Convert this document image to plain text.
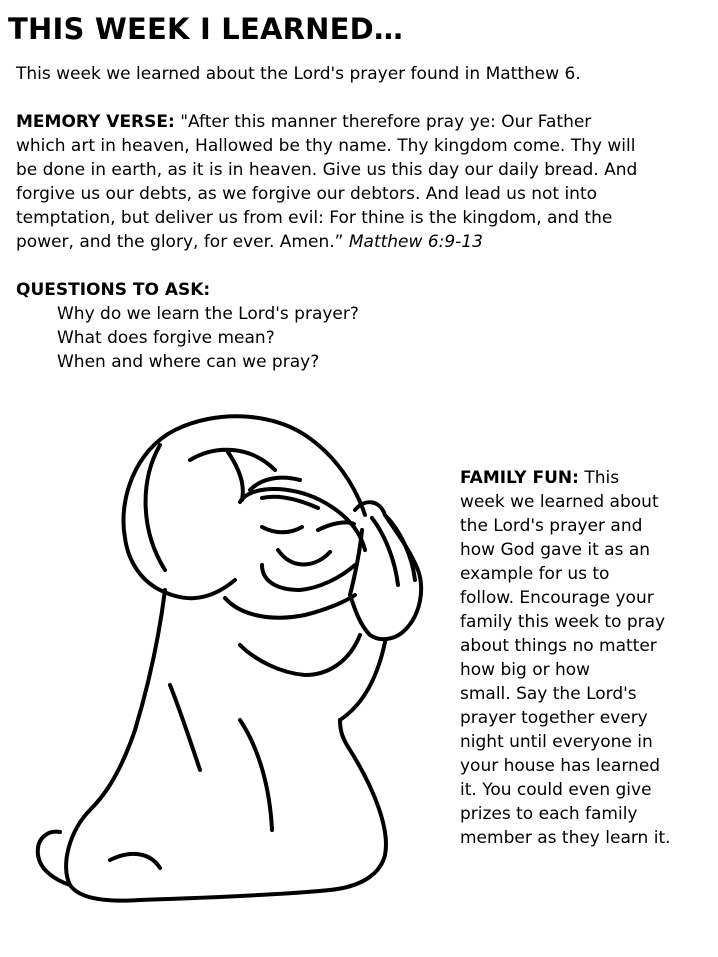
THIS WEEK I LEARNED…

This week we learned about the Lord's prayer found in Matthew 6.

MEMORY VERSE: "After this manner therefore pray ye: Our Father
which art in heaven, Hallowed be thy name. Thy kingdom come. Thy will
be done in earth, as it is in heaven. Give us this day our daily bread. And
forgive us our debts, as we forgive our debtors. And lead us not into
temptation, but deliver us from evil: For thine is the kingdom, and the
power, and the glory, for ever. Amen.” Matthew 6:9-13
QUESTIONS TO ASK:
Why do we learn the Lord's prayer?
What does forgive mean?
When and where can we pray?
FAMILY FUN: This
week we learned about
the Lord's prayer and
how God gave it as an
example for us to
follow. Encourage your
family this week to pray
about things no matter
how big or how
small. Say the Lord's
prayer together every
night until everyone in
your house has learned
it. You could even give
prizes to each family
member as they learn it.
